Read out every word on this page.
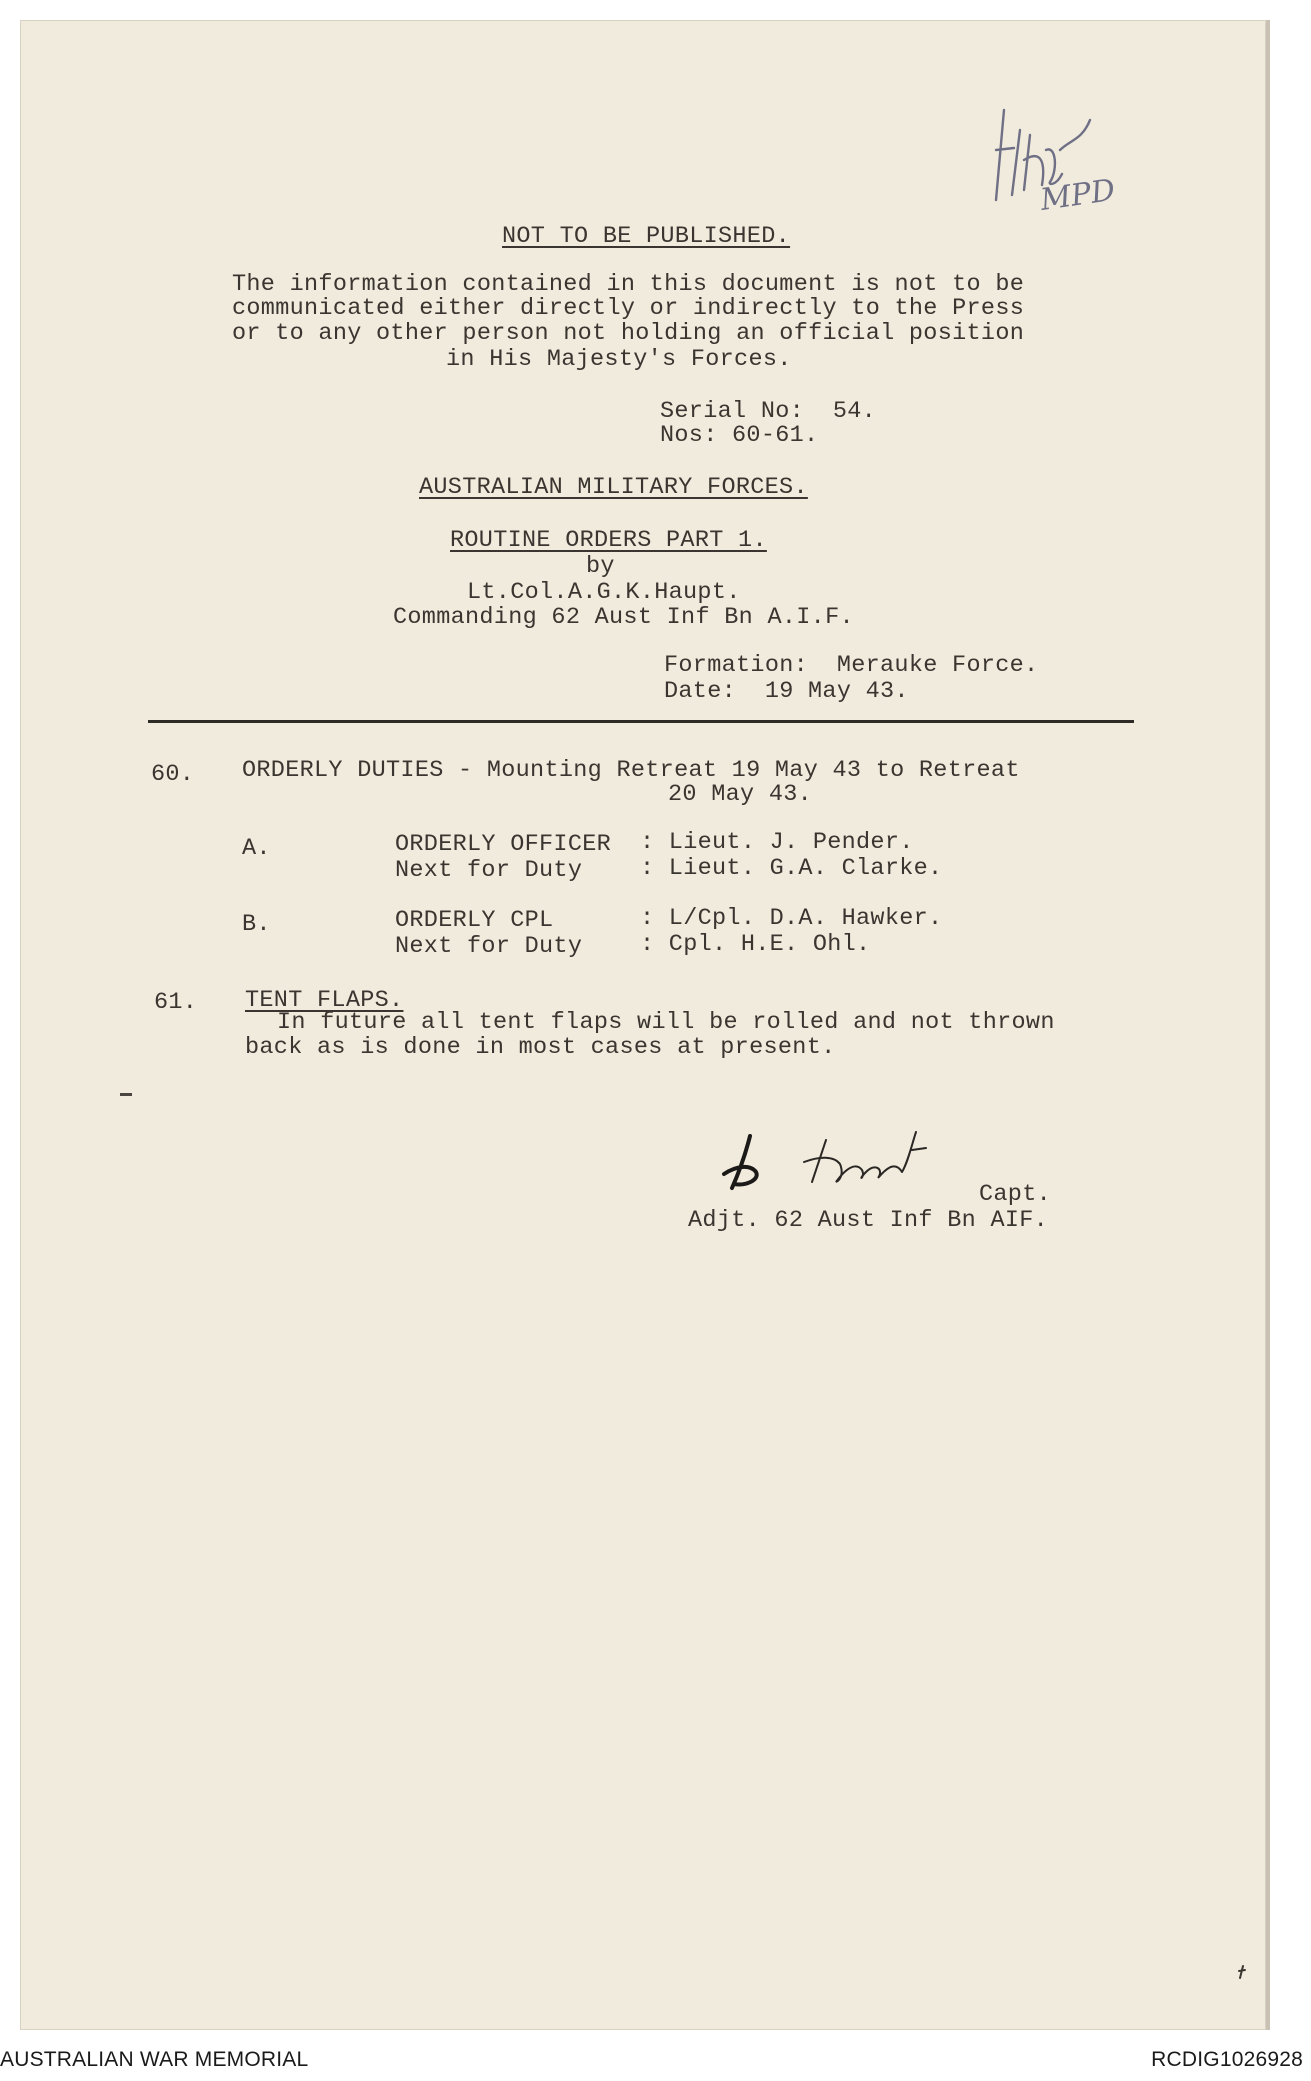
MPD
NOT TO BE PUBLISHED.
The information contained in this document is not to be
communicated either directly or indirectly to the Press
or to any other person not holding an official position
in His Majesty's Forces.
Serial No:  54.
Nos: 60-61.
AUSTRALIAN MILITARY FORCES.
ROUTINE ORDERS PART 1.
by
Lt.Col.A.G.K.Haupt.
Commanding 62 Aust Inf Bn A.I.F.
Formation:  Merauke Force.
Date:  19 May 43.
60. ORDERLY DUTIES - Mounting Retreat 19 May 43 to Retreat
20 May 43.
A.	ORDERLY OFFICER : Lieut. J. Pender.
Next for Duty : Lieut. G.A. Clarke.
B.	ORDERLY CPL	: L/Cpl. D.A. Hawker.
Next for Duty : Cpl. H.E. Ohl.
61. TENT FLAPS.
In future all tent flaps will be rolled and not thrown
back as is done in most cases at present.
Capt.
Adjt. 62 Aust Inf Bn AIF.
AUSTRALIAN WAR MEMORIAL	RCDIG1026928
